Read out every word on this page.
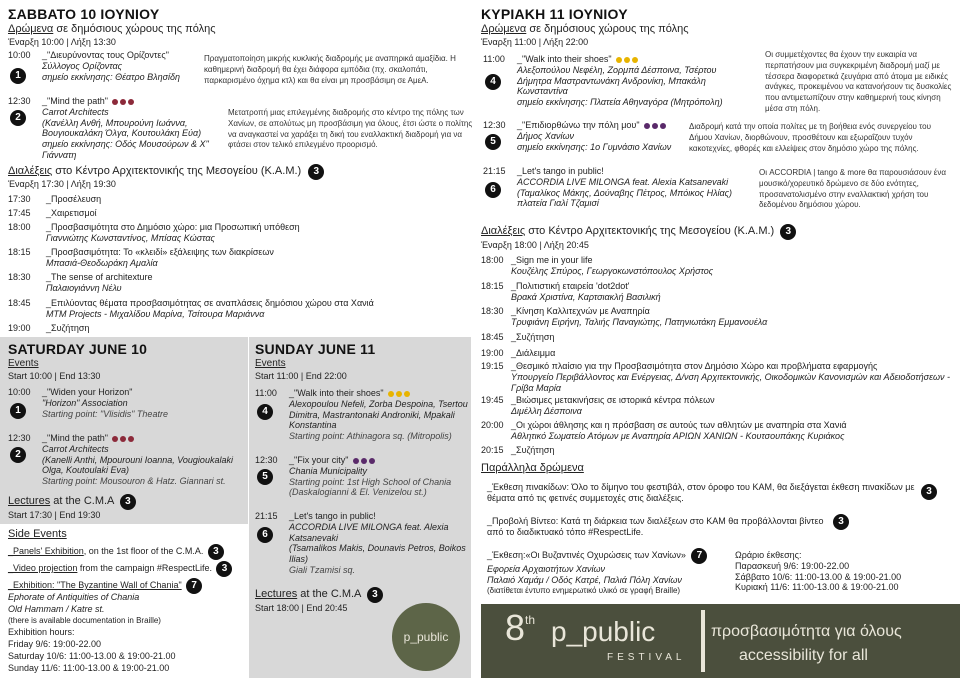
ΣΑΒΒΑΤΟ 10 ΙΟΥΝΙΟΥ
Δρώμενα σε δημόσιους χώρους της πόλης
Έναρξη 10:00 | Λήξη 13:30
10:00
1
_"Διευρύνοντας τους Ορίζοντες"
Σύλλογος Ορίζοντας
σημείο εκκίνησης: Θέατρο Βλησίδη
Πραγματοποίηση μικρής κυκλικής διαδρομής με αναπηρικά αμαξίδια. Η καθημερινή διαδρομή θα έχει διάφορα εμπόδια (πχ. σκαλοπάτι, παρκαρισμένο όχημα κτλ) και θα είναι μη προσβάσιμη σε ΑμεΑ.
12:30
2
_"Mind the path"
Carrot Architects
(Κανέλλη Ανθή, Μπουρούνη Ιωάννα, Βουγιουκαλάκη Όλγα, Κουτουλάκη Εύα)
σημείο εκκίνησης: Οδός Μουσούρων & Χ'' Γιάννατη
Μετατροπή μιας επιλεγμένης διαδρομής στο κέντρο της πόλης των Χανίων, σε απολύτως μη προσβάσιμη για όλους, έτσι ώστε ο πολίτης να αναγκαστεί να χαράξει τη δική του εναλλακτική διαδρομή για να φτάσει στον τελικό επιλεγμένο προορισμό.
Διαλέξεις στο Κέντρο Αρχιτεκτονικής της Μεσογείου (Κ.Α.Μ.) 3
Έναρξη 17:30 | Λήξη 19:30
17:30	_Προσέλευση
17:45	_Χαιρετισμοί
18:00	_Προσβασιμότητα στο Δημόσιο χώρο: μια Προσωπική υπόθεση
Γιαννιώτης Κωνσταντίνος, Μπίσας Κώστας
18:15	_Προσβασιμότητα: Το «κλειδί» εξάλειψης των διακρίσεων
Μπασιά-Θεοδωράκη Αμαλία
18:30	_The sense of architexture
Παλαιογιάννη Νέλυ
18:45	_Επιλύοντας θέματα προσβασιμότητας σε αναπλάσεις δημόσιου χώρου στα Χανιά
MTM Projects - Μιχαλίδου Μαρίνα, Τσίτουρα Μαριάννα
19:00	_Συζήτηση
SATURDAY JUNE 10
Events
Start 10:00 | End 13:30
10:00
1
_"Widen your Horizon"
"Horizon" Association
Starting point: "Vlisidis" Theatre
12:30
2
_"Mind the path"
Carrot Architects
(Kanelli Anthi, Mpourouni Ioanna, Vougioukalaki Olga, Koutoulaki Eva)
Starting point: Mousouron & Hatz. Giannari st.
Lectures at the C.M.A 3
Start 17:30 | End 19:30
Side Events
_Panels' Exhibition, on the 1st floor of the C.M.A. 3
_Video projection from the campaign #RespectLife. 3
_Exhibition: "The Byzantine Wall of Chania" 7
Ephorate of Antiquities of Chania
Old Hammam / Katre st.
(there is available documentation in Braille)
Exhibition hours:
Friday 9/6: 19:00-22.00
Saturday 10/6: 11:00-13.00 & 19:00-21.00
Sunday 11/6: 11:00-13.00 & 19:00-21.00
SUNDAY JUNE 11
Events
Start 11:00 | End 22:00
11:00
4
_"Walk into their shoes"
Alexopoulou Nefeli, Zorba Despoina, Tsertou Dimitra, Mastrantonaki Androniki, Mpakali Konstantina
Starting point: Athinagora sq. (Mitropolis)
12:30
5
_"Fix your city"
Chania Municipality
Starting point: 1st High School of Chania (Daskalogianni & El. Venizelou st.)
21:15
6
_Let's tango in public!
ACCORDIA LIVE MILONGA feat. Alexia Katsanevaki
(Tsamalikos Makis, Dounavis Petros, Boikos Ilias)
Giali Tzamisi sq.
Lectures at the C.M.A 3
Start 18:00 | End 20:45
p_public
ΚΥΡΙΑΚΗ 11 ΙΟΥΝΙΟΥ
Δρώμενα σε δημόσιους χώρους της πόλης
Έναρξη 11:00 | Λήξη 22:00
11:00
4
_"Walk into their shoes"
Αλεξοπούλου Νεφέλη, Ζορμπά Δέσποινα, Τσέρτου Δήμητρα Μαστραντωνάκη Ανδρονίκη, Μπακάλη Κωνσταντίνα
σημείο εκκίνησης: Πλατεία Αθηναγόρα (Μητρόπολη)
Οι συμμετέχοντες θα έχουν την ευκαιρία να περπατήσουν μια συγκεκριμένη διαδρομή μαζί με τέσσερα διαφορετικά ζευγάρια από άτομα με ειδικές ανάγκες, προκειμένου να κατανοήσουν τις δυσκολίες που αντιμετωπίζουν στην καθημερινή τους κίνηση μέσα στη πόλη.
12:30
5
_"Επιδιορθώνω την πόλη μου"
Δήμος Χανίων
σημείο εκκίνησης: 1ο Γυμνάσιο Χανίων
Διαδρομή κατά την οποία πολίτες με τη βοήθεια ενός συνεργείου του Δήμου Χανίων, διορθώνουν, προσθέτουν και εξωραΐζουν τυχόν κακοτεχνίες, φθορές και ελλείψεις στον δημόσιο χώρο της πόλης.
21:15
6
_Let's tango in public!
ACCORDIA LIVE MILONGA feat. Alexia Katsanevaki
(Ταμαλίκος Μάκης, Δούναβης Πέτρος, Μπόικος Ηλίας)
πλατεία Γιαλί Τζαμισί
Οι ACCORDIA | tango & more θα παρουσιάσουν ένα μουσικό/χορευτικό δρώμενο σε δύο ενότητες, προσανατολισμένο στην εναλλακτική χρήση του δεδομένου δημόσιου χώρου.
Διαλέξεις στο Κέντρο Αρχιτεκτονικής της Μεσογείου (Κ.Α.Μ.) 3
Έναρξη 18:00 | Λήξη 20:45
18:00 _Sign me in your life
Κουζέλης Σπύρος, Γεωργοκωνστόπουλος Χρήστος
18:15 _Πολιτιστική εταιρεία 'dot2dot'
Βρακά Χριστίνα, Καρτσιακλή Βασιλική
18:30 _Κίνηση Καλλιτεχνών με Αναπηρία
Τρυφιάνη Ειρήνη, Ταλιής Παναγιώτης, Πατηνιωτάκη Εμμανουέλα
18:45 _Συζήτηση
19:00 _Διάλειμμα
19:15 _Θεσμικό πλαίσιο για την Προσβασιμότητα στον Δημόσιο Χώρο και προβλήματα εφαρμογής
Υπουργείο Περιβάλλοντος και Ενέργειας, Δ/νση Αρχιτεκτονικής, Οικοδομικών Κανονισμών και Αδειοδοτήσεων - Γρίβα Μαρία
19:45 _Βιώσιμες μετακινήσεις σε ιστορικά κέντρα πόλεων
Διμέλλη Δέσποινα
20:00 _Οι χώροι άθλησης και η πρόσβαση σε αυτούς των αθλητών με αναπηρία στα Χανιά
Αθλητικό Σωματείο Ατόμων με Αναπηρία ΑΡΙΩΝ ΧΑΝΙΩΝ - Κουτσουπάκης Κυριάκος
20:15 _Συζήτηση
Παράλληλα δρώμενα
_Έκθεση πινακίδων: Όλο το δίμηνο του φεστιβάλ, στον όροφο του ΚΑΜ, θα διεξάγεται έκθεση πινακίδων με θέματα από τις φετινές συμμετοχές στις διαλέξεις.
3
_Προβολή Βίντεο: Κατά τη διάρκεια των διαλέξεων στο ΚΑΜ θα προβάλλονται βίντεο από το διαδικτυακό τόπο #RespectLife.
3
_Έκθεση:«Οι Βυζαντινές Οχυρώσεις των Χανίων» 7
Εφορεία Αρχαιοτήτων Χανίων
Παλαιό Χαμάμ / Οδός Κατρέ, Παλιά Πόλη Χανίων
(διατίθεται έντυπο ενημερωτικό υλικό σε γραφή Braille)
Ωράριο έκθεσης:
Παρασκευή 9/6: 19:00-22.00
Σάββατο 10/6: 11:00-13.00 & 19:00-21.00
Κυριακή 11/6: 11:00-13.00 & 19:00-21.00
8th p_public
FESTIVAL
προσβασιμότητα για όλους
accessibility for all
